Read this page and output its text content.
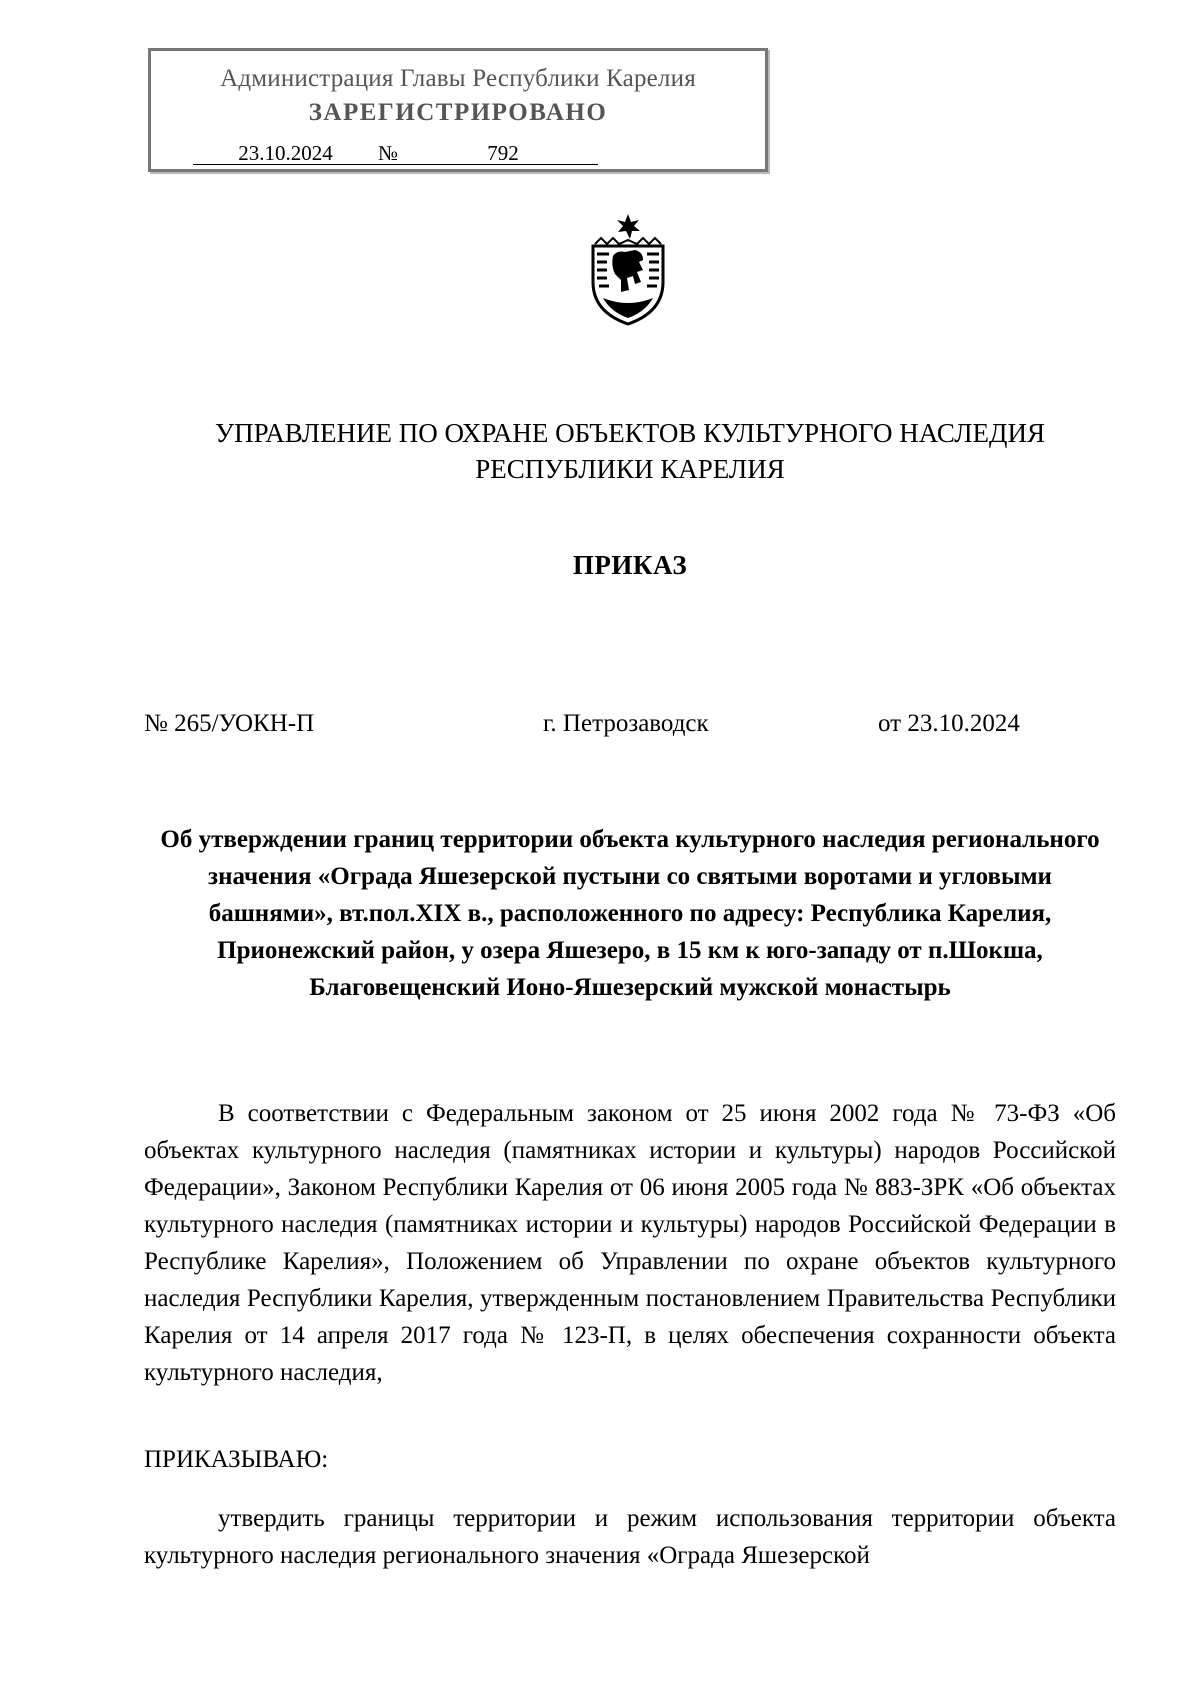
Администрация Главы Республики Карелия
ЗАРЕГИСТРИРОВАНО
23.10.2024 №	792
УПРАВЛЕНИЕ ПО ОХРАНЕ ОБЪЕКТОВ КУЛЬТУРНОГО НАСЛЕДИЯ
РЕСПУБЛИКИ КАРЕЛИЯ
ПРИКАЗ
№ 265/УОКН-П	г. Петрозаводск	от 23.10.2024
Об утверждении границ территории объекта культурного наследия регионального значения «Ограда Яшезерской пустыни со святыми воротами и угловыми башнями», вт.пол.XIX в., расположенного по адресу: Республика Карелия, Прионежский район, у озера Яшезеро, в 15 км к юго-западу от п.Шокша, Благовещенский Ионо-Яшезерский мужской монастырь
В соответствии с Федеральным законом от 25 июня 2002 года № 73-ФЗ «Об объектах культурного наследия (памятниках истории и культуры) народов Российской Федерации», Законом Республики Карелия от 06 июня 2005 года № 883-ЗРК «Об объектах культурного наследия (памятниках истории и культуры) народов Российской Федерации в Республике Карелия», Положением об Управлении по охране объектов культурного наследия Республики Карелия, утвержденным постановлением Правительства Республики Карелия от 14 апреля 2017 года № 123-П, в целях обеспечения сохранности объекта культурного наследия,
ПРИКАЗЫВАЮ:
утвердить границы территории и режим использования территории объекта культурного наследия регионального значения «Ограда Яшезерской
